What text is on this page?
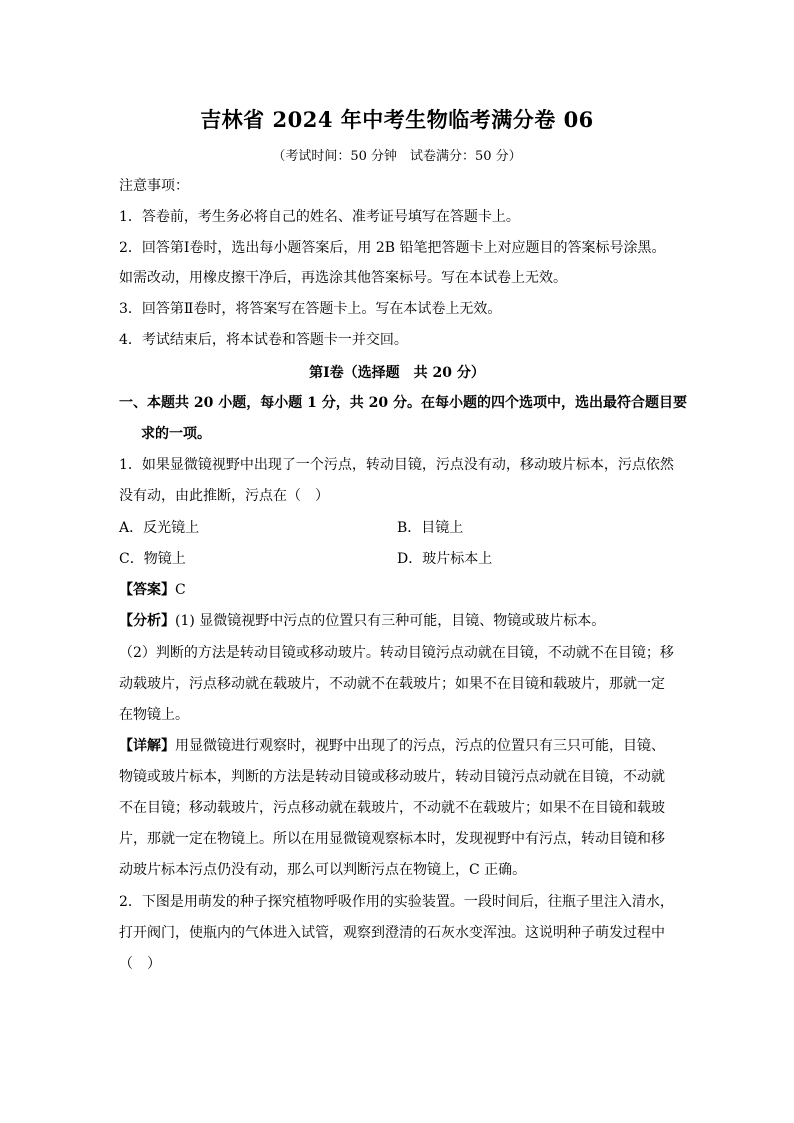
吉林省 2024 年中考生物临考满分卷 06
（考试时间：50 分钟　试卷满分：50 分）
注意事项：
1．答卷前，考生务必将自己的姓名、准考证号填写在答题卡上。
2．回答第Ⅰ卷时，选出每小题答案后，用 2B 铅笔把答题卡上对应题目的答案标号涂黑。
如需改动，用橡皮擦干净后，再选涂其他答案标号。写在本试卷上无效。
3．回答第Ⅱ卷时，将答案写在答题卡上。写在本试卷上无效。
4．考试结束后，将本试卷和答题卡一并交回。
第Ⅰ卷（选择题　共 20 分）
一、本题共 20 小题，每小题 1 分，共 20 分。在每小题的四个选项中，选出最符合题目要
求的一项。
1．如果显微镜视野中出现了一个污点，转动目镜，污点没有动，移动玻片标本，污点依然
没有动，由此推断，污点在（　）
A．反光镜上	B．目镜上
C．物镜上	D．玻片标本上
【答案】C
【分析】(1) 显微镜视野中污点的位置只有三种可能，目镜、物镜或玻片标本。
（2）判断的方法是转动目镜或移动玻片。转动目镜污点动就在目镜，不动就不在目镜；移
动载玻片，污点移动就在载玻片，不动就不在载玻片；如果不在目镜和载玻片，那就一定
在物镜上。
【详解】用显微镜进行观察时，视野中出现了的污点，污点的位置只有三只可能，目镜、
物镜或玻片标本，判断的方法是转动目镜或移动玻片，转动目镜污点动就在目镜，不动就
不在目镜；移动载玻片，污点移动就在载玻片，不动就不在载玻片；如果不在目镜和载玻
片，那就一定在物镜上。所以在用显微镜观察标本时，发现视野中有污点，转动目镜和移
动玻片标本污点仍没有动，那么可以判断污点在物镜上，C 正确。
2．下图是用萌发的种子探究植物呼吸作用的实验装置。一段时间后，往瓶子里注入清水，
打开阀门，使瓶内的气体进入试管，观察到澄清的石灰水变浑浊。这说明种子萌发过程中
（　）
